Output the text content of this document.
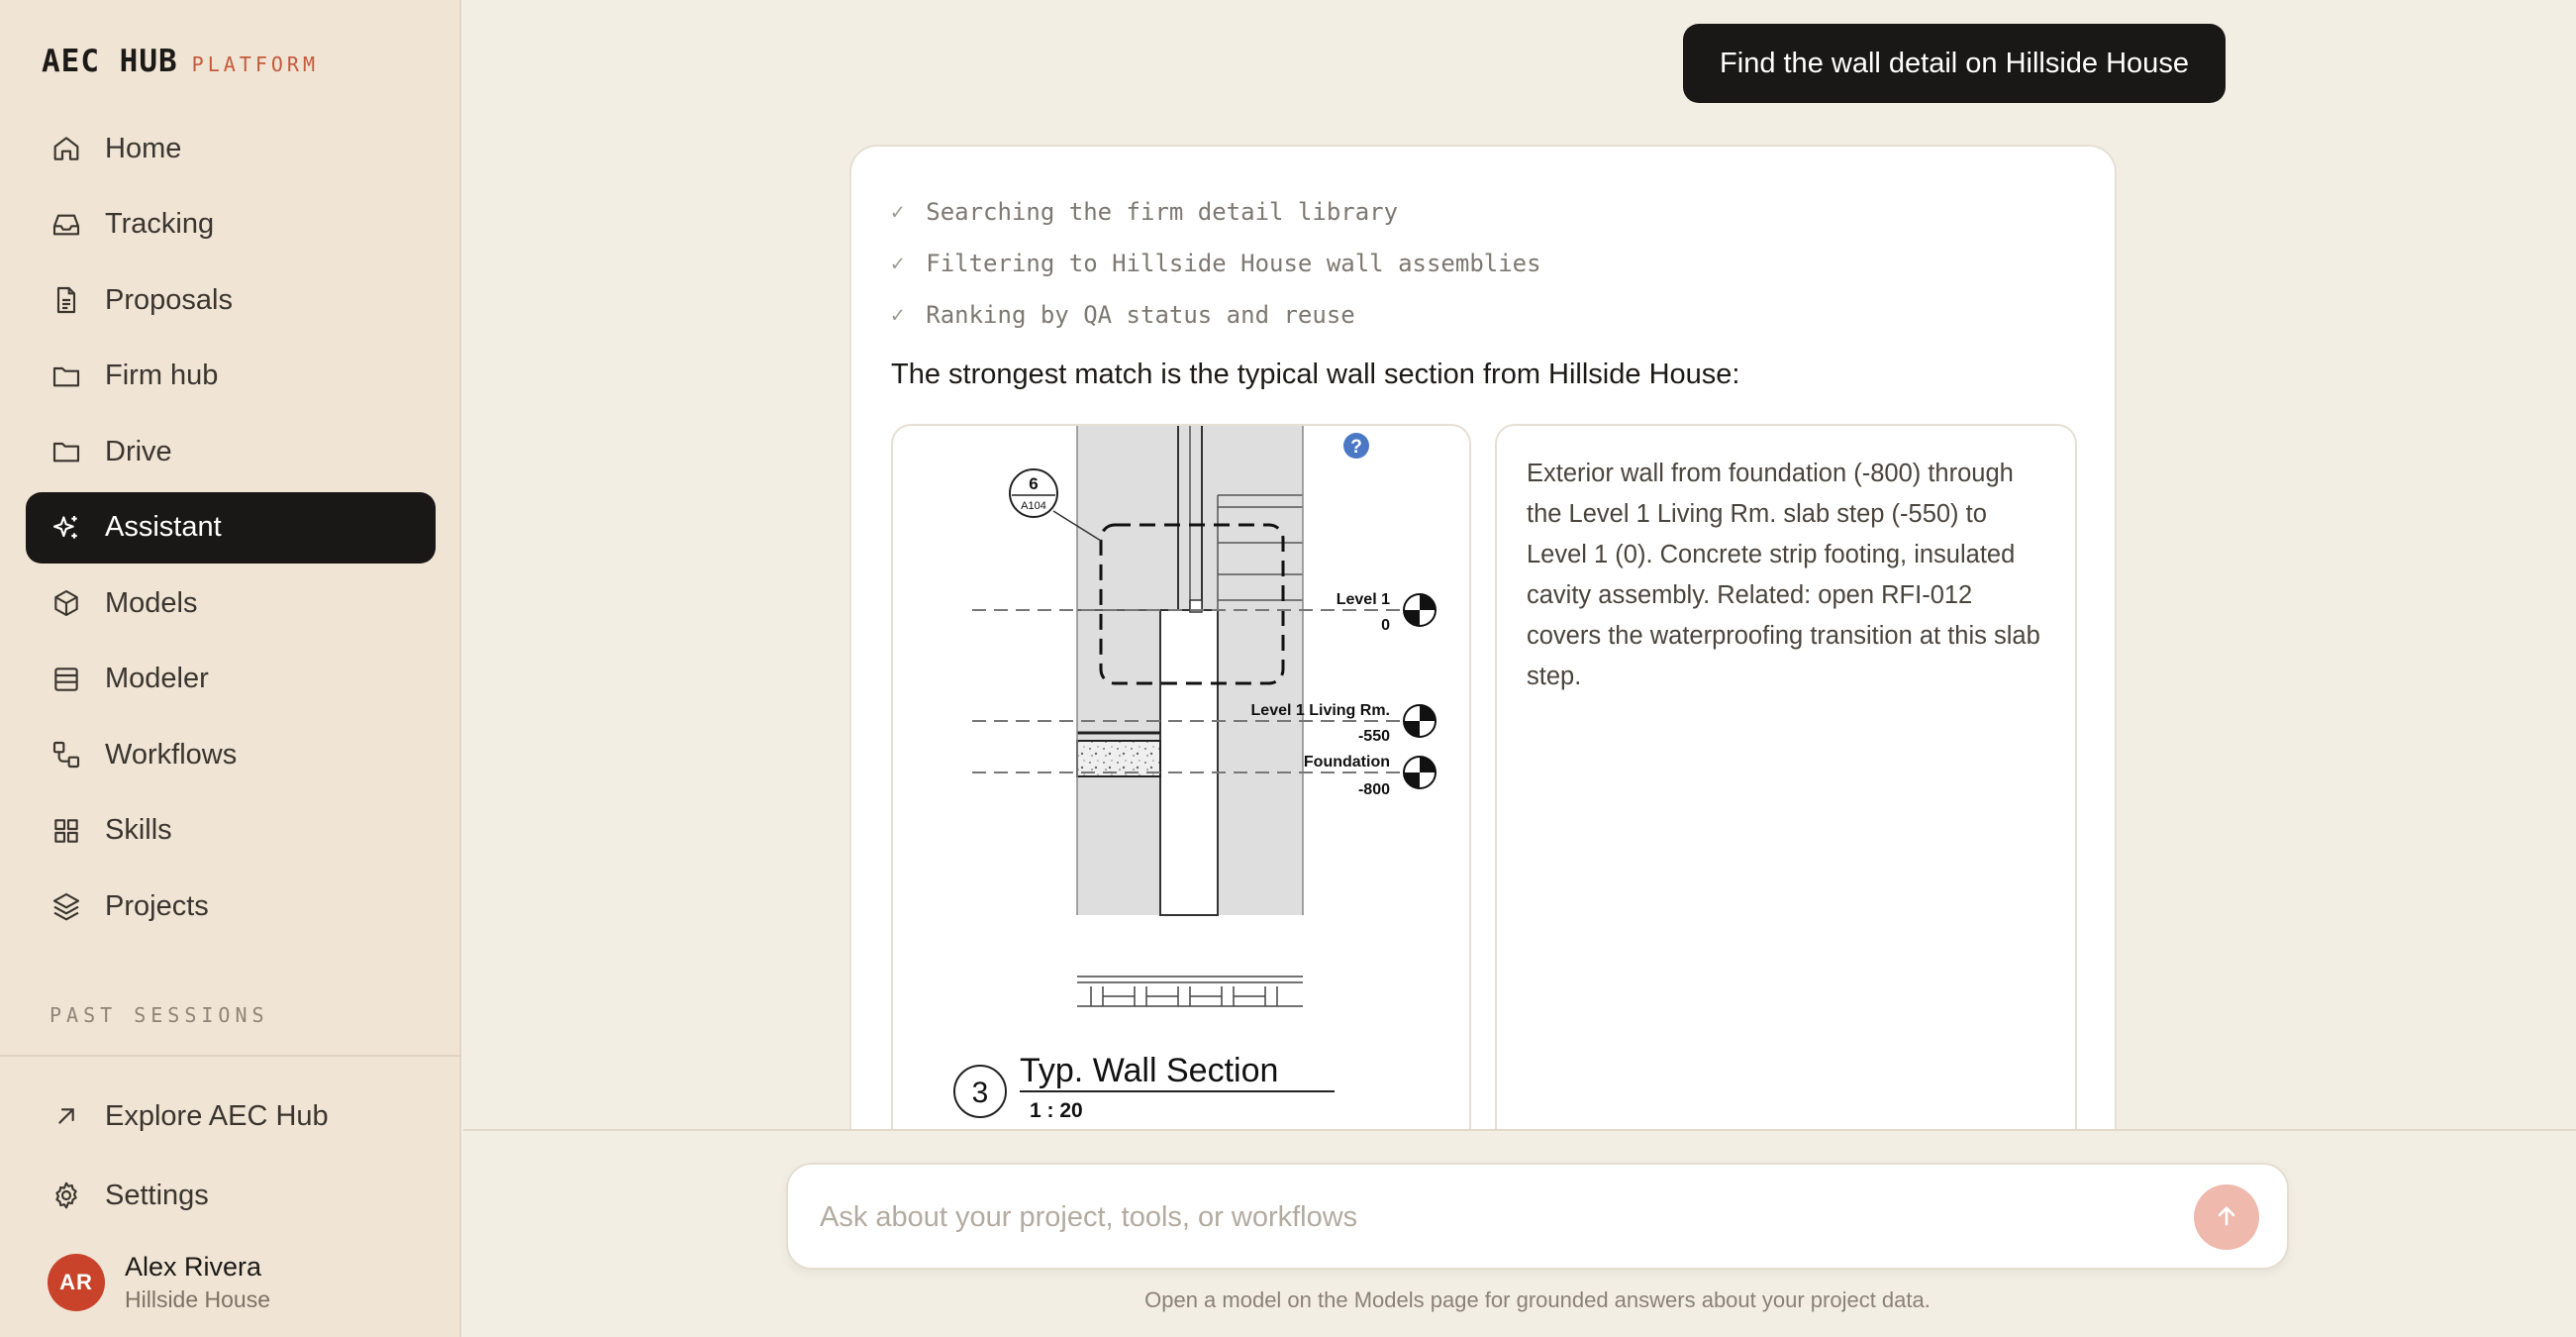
AEC HUB PLATFORM
Home
Tracking
Proposals
Firm hub
Drive
Assistant
Models
Modeler
Workflows
Skills
Projects
PAST SESSIONS
Explore AEC Hub
Settings
AR
Alex Rivera
Hillside House
Find the wall detail on Hillside House
✓ Searching the firm detail library
✓ Filtering to Hillside House wall assemblies
✓ Ranking by QA status and reuse
The strongest match is the typical wall section from Hillside House:
6
A104
Level 1
0
Level 1 Living Rm.
-550
Foundation
-800
?
3
Typ. Wall Section
1 : 20
Exterior wall from foundation (-800) through the Level 1 Living Rm. slab step (-550) to Level 1 (0). Concrete strip footing, insulated cavity assembly. Related: open RFI-012 covers the waterproofing transition at this slab step.
Ask about your project, tools, or workflows
Open a model on the Models page for grounded answers about your project data.
